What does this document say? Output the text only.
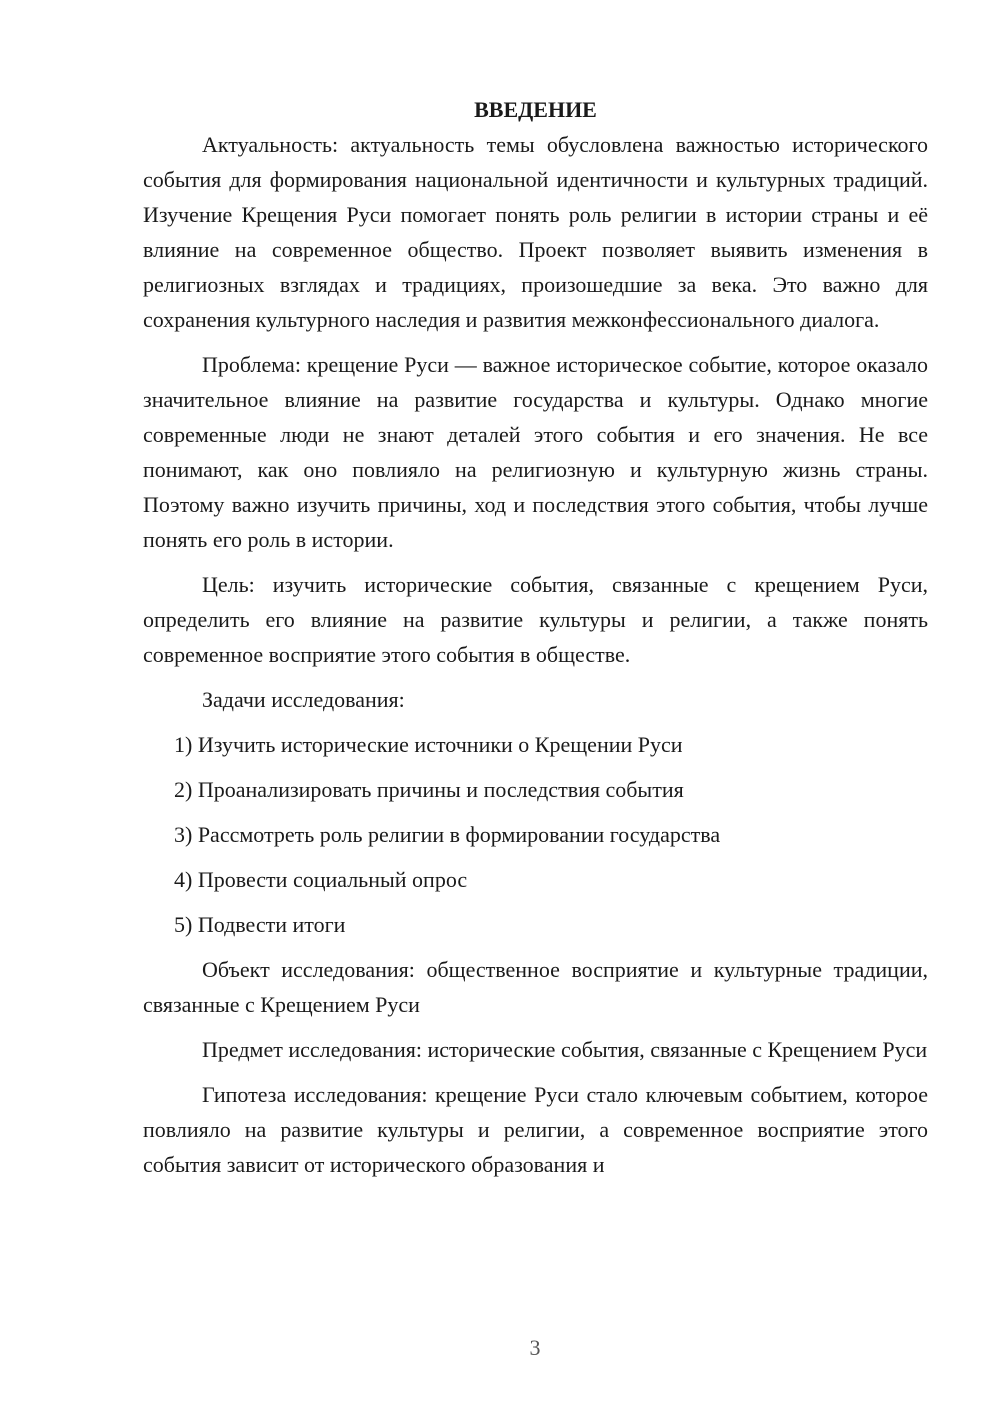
ВВЕДЕНИЕ

Актуальность: актуальность темы обусловлена важностью исторического события для формирования национальной идентичности и культурных традиций. Изучение Крещения Руси помогает понять роль религии в истории страны и её влияние на современное общество. Проект позволяет выявить изменения в религиозных взглядах и традициях, произошедшие за века. Это важно для сохранения культурного наследия и развития межконфессионального диалога.

Проблема: крещение Руси — важное историческое событие, которое оказало значительное влияние на развитие государства и культуры. Однако многие современные люди не знают деталей этого события и его значения. Не все понимают, как оно повлияло на религиозную и культурную жизнь страны. Поэтому важно изучить причины, ход и последствия этого события, чтобы лучше понять его роль в истории.

Цель: изучить исторические события, связанные с крещением Руси, определить его влияние на развитие культуры и религии, а также понять современное восприятие этого события в обществе.

Задачи исследования:

1) Изучить исторические источники о Крещении Руси

2) Проанализировать причины и последствия события

3) Рассмотреть роль религии в формировании государства

4) Провести социальный опрос

5) Подвести итоги

Объект исследования: общественное восприятие и культурные традиции, связанные с Крещением Руси

Предмет исследования: исторические события, связанные с Крещением Руси

Гипотеза исследования: крещение Руси стало ключевым событием, которое повлияло на развитие культуры и религии, а современное восприятие этого события зависит от исторического образования и

3
